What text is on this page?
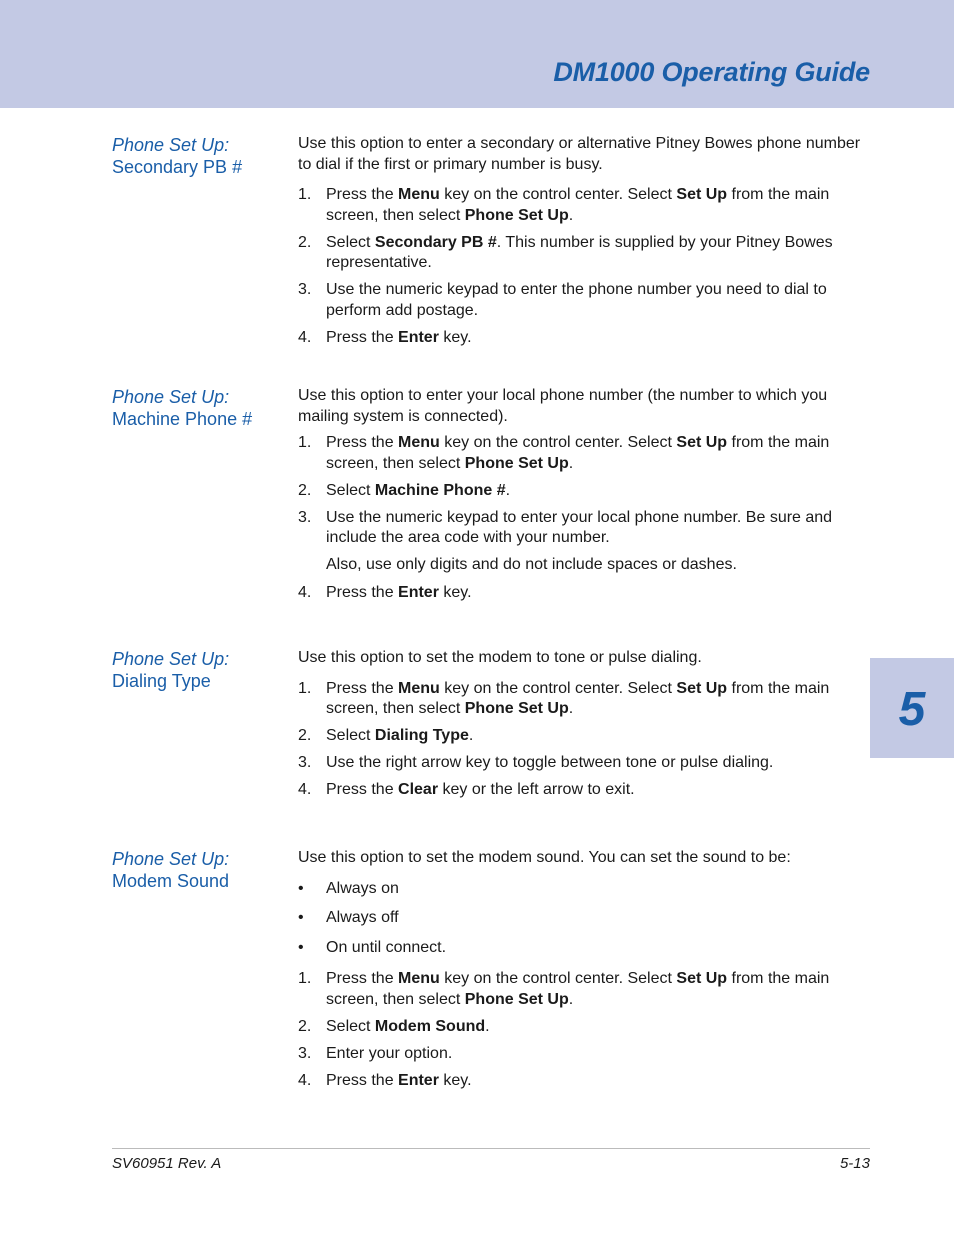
DM1000 Operating Guide
5
Phone Set Up:
Secondary PB #

Use this option to enter a secondary or alternative Pitney Bowes phone number to dial if the first or primary number is busy.

1. Press the Menu key on the control center. Select Set Up from the main screen, then select Phone Set Up.
2. Select Secondary PB #. This number is supplied by your Pitney Bowes representative.
3. Use the numeric keypad to enter the phone number you need to dial to perform add postage.
4. Press the Enter key.
Phone Set Up:
Machine Phone #

Use this option to enter your local phone number (the number to which you mailing system is connected).

1. Press the Menu key on the control center. Select Set Up from the main screen, then select Phone Set Up.
2. Select Machine Phone #.
3. Use the numeric keypad to enter your local phone number. Be sure and include the area code with your number.

Also, use only digits and do not include spaces or dashes.

4. Press the Enter key.
Phone Set Up:
Dialing Type

Use this option to set the modem to tone or pulse dialing.

1. Press the Menu key on the control center. Select Set Up from the main screen, then select Phone Set Up.
2. Select Dialing Type.
3. Use the right arrow key to toggle between tone or pulse dialing.
4. Press the Clear key or the left arrow to exit.
Phone Set Up:
Modem Sound

Use this option to set the modem sound. You can set the sound to be:

• Always on
• Always off
• On until connect.
1. Press the Menu key on the control center. Select Set Up from the main screen, then select Phone Set Up.
2. Select Modem Sound.
3. Enter your option.
4. Press the Enter key.
SV60951 Rev. A	5-13
